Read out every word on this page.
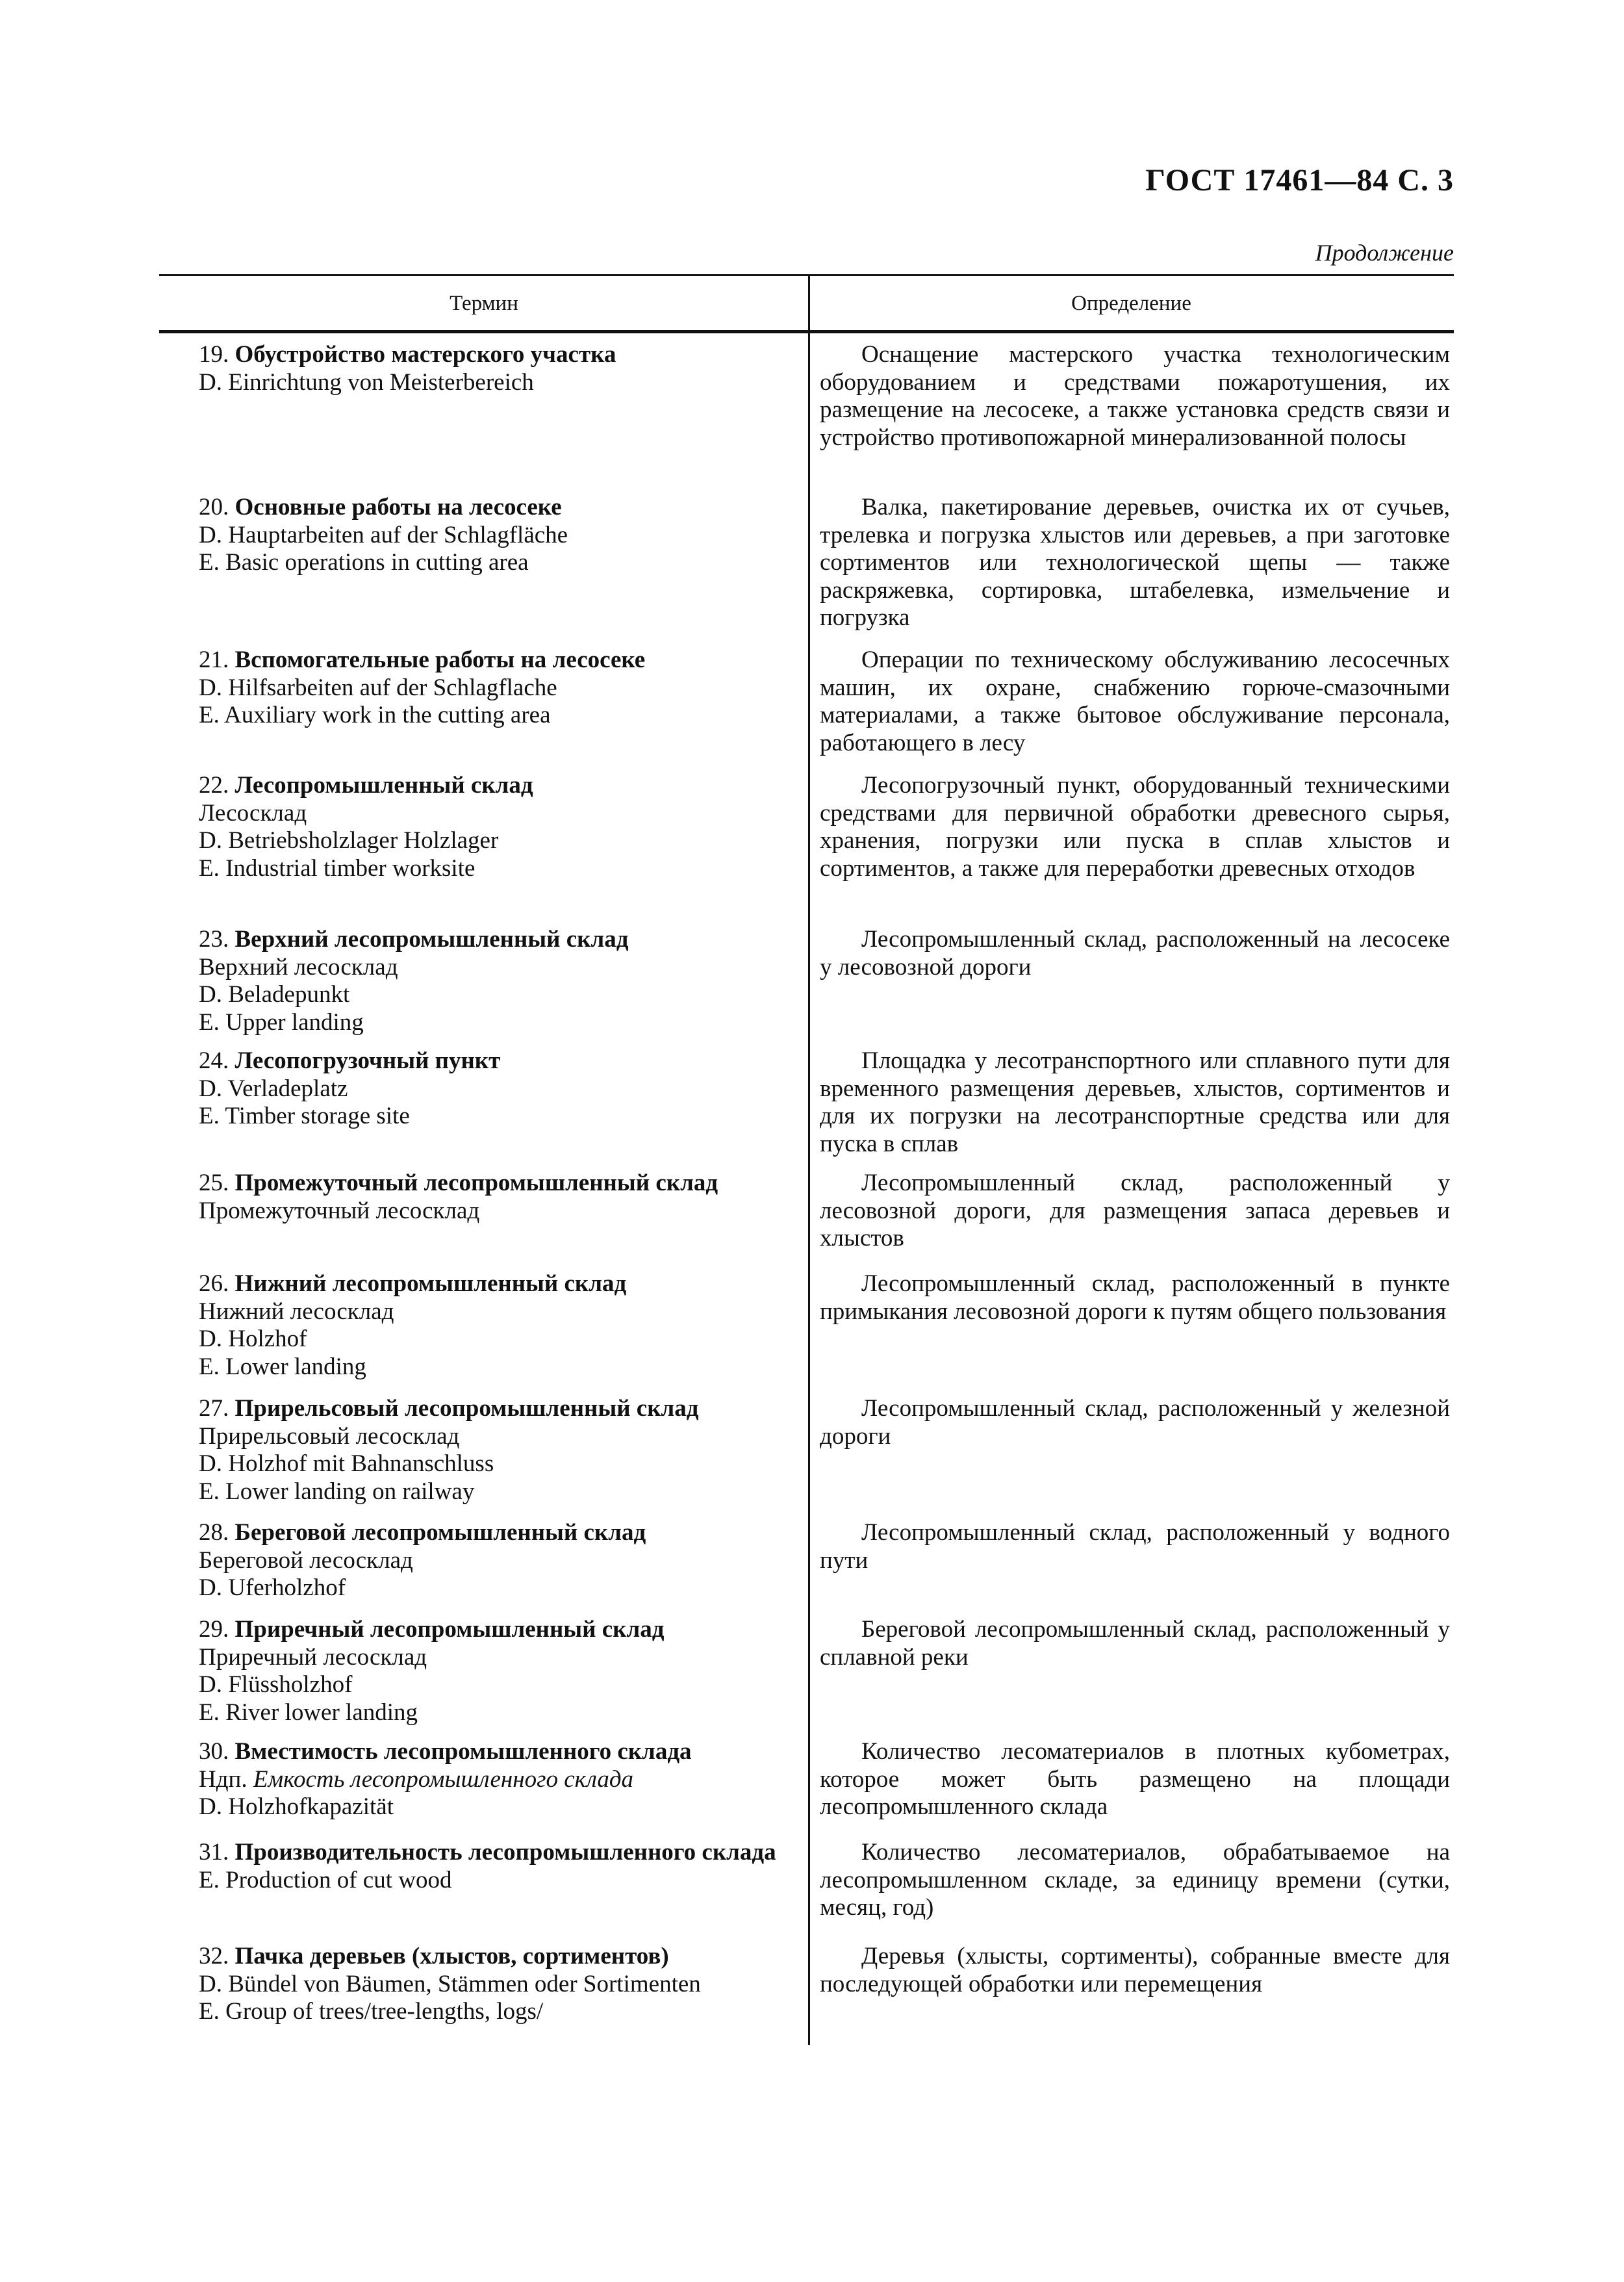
ГОСТ 17461—84 С. 3
Продолжение
Термин	Определение
19. Обустройство мастерского участка
D. Einrichtung von Meisterbereich
Оснащение мастерского участка технологическим оборудованием и средствами пожаротушения, их размещение на лесосеке, а также установка средств связи и устройство противопожарной минерализованной полосы
20. Основные работы на лесосеке
D. Hauptarbeiten auf der Schlagfläche
E. Basic operations in cutting area
Валка, пакетирование деревьев, очистка их от сучьев, трелевка и погрузка хлыстов или деревьев, а при заготовке сортиментов или технологической щепы — также раскряжевка, сортировка, штабелевка, измельчение и погрузка
21. Вспомогательные работы на лесосеке
D. Hilfsarbeiten auf der Schlagflache
E. Auxiliary work in the cutting area
Операции по техническому обслуживанию лесосечных машин, их охране, снабжению горюче-смазочными материалами, а также бытовое обслуживание персонала, работающего в лесу
22. Лесопромышленный склад
Лесосклад
D. Betriebsholzlager Holzlager
E. Industrial timber worksite
Лесопогрузочный пункт, оборудованный техническими средствами для первичной обработки древесного сырья, хранения, погрузки или пуска в сплав хлыстов и сортиментов, а также для переработки древесных отходов
23. Верхний лесопромышленный склад
Верхний лесосклад
D. Beladepunkt
E. Upper landing
Лесопромышленный склад, расположенный на лесосеке у лесовозной дороги
24. Лесопогрузочный пункт
D. Verladeplatz
E. Timber storage site
Площадка у лесотранспортного или сплавного пути для временного размещения деревьев, хлыстов, сортиментов и для их погрузки на лесотранспортные средства или для пуска в сплав
25. Промежуточный лесопромышленный склад
Промежуточный лесосклад
Лесопромышленный склад, расположенный у лесовозной дороги, для размещения запаса деревьев и хлыстов
26. Нижний лесопромышленный склад
Нижний лесосклад
D. Holzhof
E. Lower landing
Лесопромышленный склад, расположенный в пункте примыкания лесовозной дороги к путям общего пользования
27. Прирельсовый лесопромышленный склад
Прирельсовый лесосклад
D. Holzhof mit Bahnanschluss
E. Lower landing on railway
Лесопромышленный склад, расположенный у железной дороги
28. Береговой лесопромышленный склад
Береговой лесосклад
D. Uferholzhof
Лесопромышленный склад, расположенный у водного пути
29. Приречный лесопромышленный склад
Приречный лесосклад
D. Flüssholzhof
E. River lower landing
Береговой лесопромышленный склад, расположенный у сплавной реки
30. Вместимость лесопромышленного склада
Ндп. Емкость лесопромышленного склада
D. Holzhofkapazität
Количество лесоматериалов в плотных кубометрах, которое может быть размещено на площади лесопромышленного склада
31. Производительность лесопромышленного склада
E. Production of cut wood
Количество лесоматериалов, обрабатываемое на лесопромышленном складе, за единицу времени (сутки, месяц, год)
32. Пачка деревьев (хлыстов, сортиментов)
D. Bündel von Bäumen, Stämmen oder Sortimenten
E. Group of trees/tree-lengths, logs/
Деревья (хлысты, сортименты), собранные вместе для последующей обработки или перемещения
